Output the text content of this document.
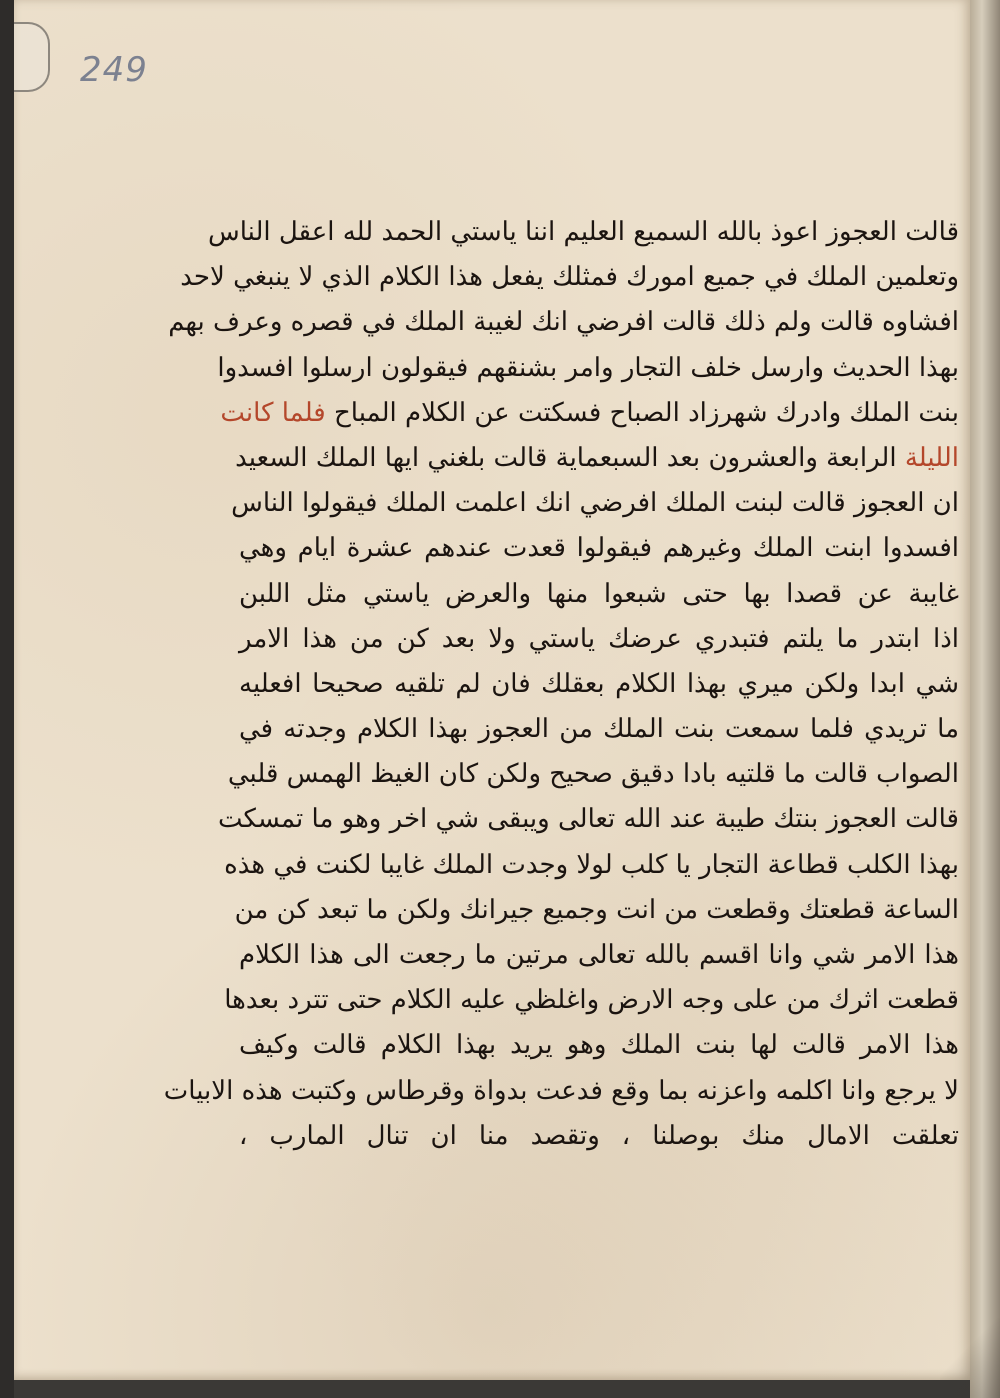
249
قالت العجوز اعوذ بالله السميع العليم اننا ياستي الحمد لله اعقل الناس
وتعلمين الملك في جميع امورك فمثلك يفعل هذا الكلام الذي لا ينبغي لاحد
افشاوه قالت ولم ذلك قالت افرضي انك لغيبة الملك في قصره وعرف بهم
بهذا الحديث وارسل خلف التجار وامر بشنقهم فيقولون ارسلوا افسدوا
بنت الملك وادرك شهرزاد الصباح فسكتت عن الكلام المباح فلما كانت
الليلة الرابعة والعشرون بعد السبعماية قالت بلغني ايها الملك السعيد
ان العجوز قالت لبنت الملك افرضي انك اعلمت الملك فيقولوا الناس
افسدوا ابنت الملك وغيرهم فيقولوا قعدت عندهم عشرة ايام وهي
غايبة عن قصدا بها حتى شبعوا منها والعرض ياستي مثل اللبن
اذا ابتدر ما يلتم فتبدري عرضك ياستي ولا بعد كن من هذا الامر
شي ابدا ولكن ميري بهذا الكلام بعقلك فان لم تلقيه صحيحا افعليه
ما تريدي فلما سمعت بنت الملك من العجوز بهذا الكلام وجدته في
الصواب قالت ما قلتيه بادا دقيق صحيح ولكن كان الغيظ الهمس قلبي
قالت العجوز بنتك طيبة عند الله تعالى ويبقى شي اخر وهو ما تمسكت
بهذا الكلب قطاعة التجار يا كلب لولا وجدت الملك غايبا لكنت في هذه
الساعة قطعتك وقطعت من انت وجميع جيرانك ولكن ما تبعد كن من
هذا الامر شي وانا اقسم بالله تعالى مرتين ما رجعت الى هذا الكلام
قطعت اثرك من على وجه الارض واغلظي عليه الكلام حتى تترد بعدها
هذا الامر قالت لها بنت الملك وهو يريد بهذا الكلام قالت وكيف
لا يرجع وانا اكلمه واعزنه بما وقع فدعت بدواة وقرطاس وكتبت هذه الابيات
تعلقت الامال منك بوصلنا ، وتقصد منا ان تنال المارب ،
